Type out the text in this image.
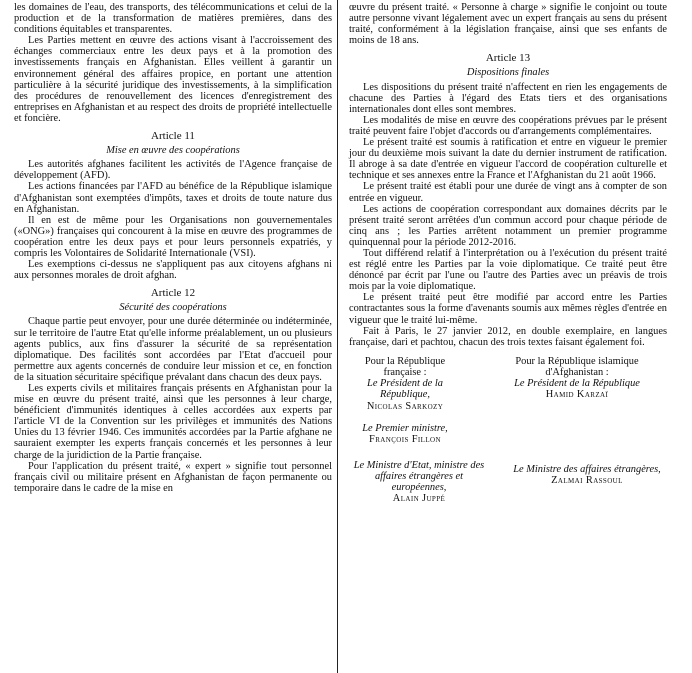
les domaines de l'eau, des transports, des télécommunications et celui de la production et de la transformation de matières premières, dans des conditions équitables et transparentes.

Les Parties mettent en œuvre des actions visant à l'accroissement des échanges commerciaux entre les deux pays et à la promotion des investissements français en Afghanistan. Elles veillent à garantir un environnement général des affaires propice, en portant une attention particulière à la sécurité juridique des investissements, à la simplification des procédures de renouvellement des licences d'enregistrement des entreprises en Afghanistan et au respect des droits de propriété intellectuelle et foncière.

Article 11
Mise en œuvre des coopérations

Les autorités afghanes facilitent les activités de l'Agence française de développement (AFD).

Les actions financées par l'AFD au bénéfice de la République islamique d'Afghanistan sont exemptées d'impôts, taxes et droits de toute nature dus en Afghanistan.

Il en est de même pour les Organisations non gouvernementales («ONG») françaises qui concourent à la mise en œuvre des programmes de coopération entre les deux pays et pour leurs personnels expatriés, y compris les Volontaires de Solidarité Internationale (VSI).

Les exemptions ci-dessus ne s'appliquent pas aux citoyens afghans ni aux personnes morales de droit afghan.

Article 12
Sécurité des coopérations

Chaque partie peut envoyer, pour une durée déterminée ou indéterminée, sur le territoire de l'autre Etat qu'elle informe préalablement, un ou plusieurs agents publics, aux fins d'assurer la sécurité de sa représentation diplomatique. Des facilités sont accordées par l'Etat d'accueil pour permettre aux agents concernés de conduire leur mission et ce, en fonction de la situation sécuritaire spécifique prévalant dans chacun des deux pays.

Les experts civils et militaires français présents en Afghanistan pour la mise en œuvre du présent traité, ainsi que les personnes à leur charge, bénéficient d'immunités identiques à celles accordées aux experts par l'article VI de la Convention sur les privilèges et immunités des Nations Unies du 13 février 1946. Ces immunités accordées par la Partie afghane ne sauraient exempter les experts français concernés et les personnes à leur charge de la juridiction de la Partie française.

Pour l'application du présent traité, « expert » signifie tout personnel français civil ou militaire présent en Afghanistan de façon permanente ou temporaire dans le cadre de la mise en

œuvre du présent traité. « Personne à charge » signifie le conjoint ou toute autre personne vivant légalement avec un expert français au sens du présent traité, conformément à la législation française, ainsi que ses enfants de moins de 18 ans.

Article 13
Dispositions finales

Les dispositions du présent traité n'affectent en rien les engagements de chacune des Parties à l'égard des Etats tiers et des organisations internationales dont elles sont membres.

Les modalités de mise en œuvre des coopérations prévues par le présent traité peuvent faire l'objet d'accords ou d'arrangements complémentaires.

Le présent traité est soumis à ratification et entre en vigueur le premier jour du deuxième mois suivant la date du dernier instrument de ratification. Il abroge à sa date d'entrée en vigueur l'accord de coopération culturelle et technique et ses annexes entre la France et l'Afghanistan du 21 août 1966.

Le présent traité est établi pour une durée de vingt ans à compter de son entrée en vigueur.

Les actions de coopération correspondant aux domaines décrits par le présent traité seront arrêtées d'un commun accord pour chaque période de cinq ans ; les Parties arrêtent notamment un premier programme quinquennal pour la période 2012-2016.

Tout différend relatif à l'interprétation ou à l'exécution du présent traité est réglé entre les Parties par la voie diplomatique. Ce traité peut être dénoncé par écrit par l'une ou l'autre des Parties avec un préavis de trois mois par la voie diplomatique.

Le présent traité peut être modifié par accord entre les Parties contractantes sous la forme d'avenants soumis aux mêmes règles d'entrée en vigueur que le traité lui-même.

Fait à Paris, le 27 janvier 2012, en double exemplaire, en langues française, dari et pachtou, chacun des trois textes faisant également foi.

Pour la République française :
Le Président de la République,
Nicolas Sarkozy
Pour la République islamique d'Afghanistan :
Le Président de la République
Hamid Karzaï
Le Premier ministre,
François Fillon
Le Ministre d'Etat, ministre des affaires étrangères et européennes,
Alain Juppé
Le Ministre des affaires étrangères,
Zalmai Rassoul
